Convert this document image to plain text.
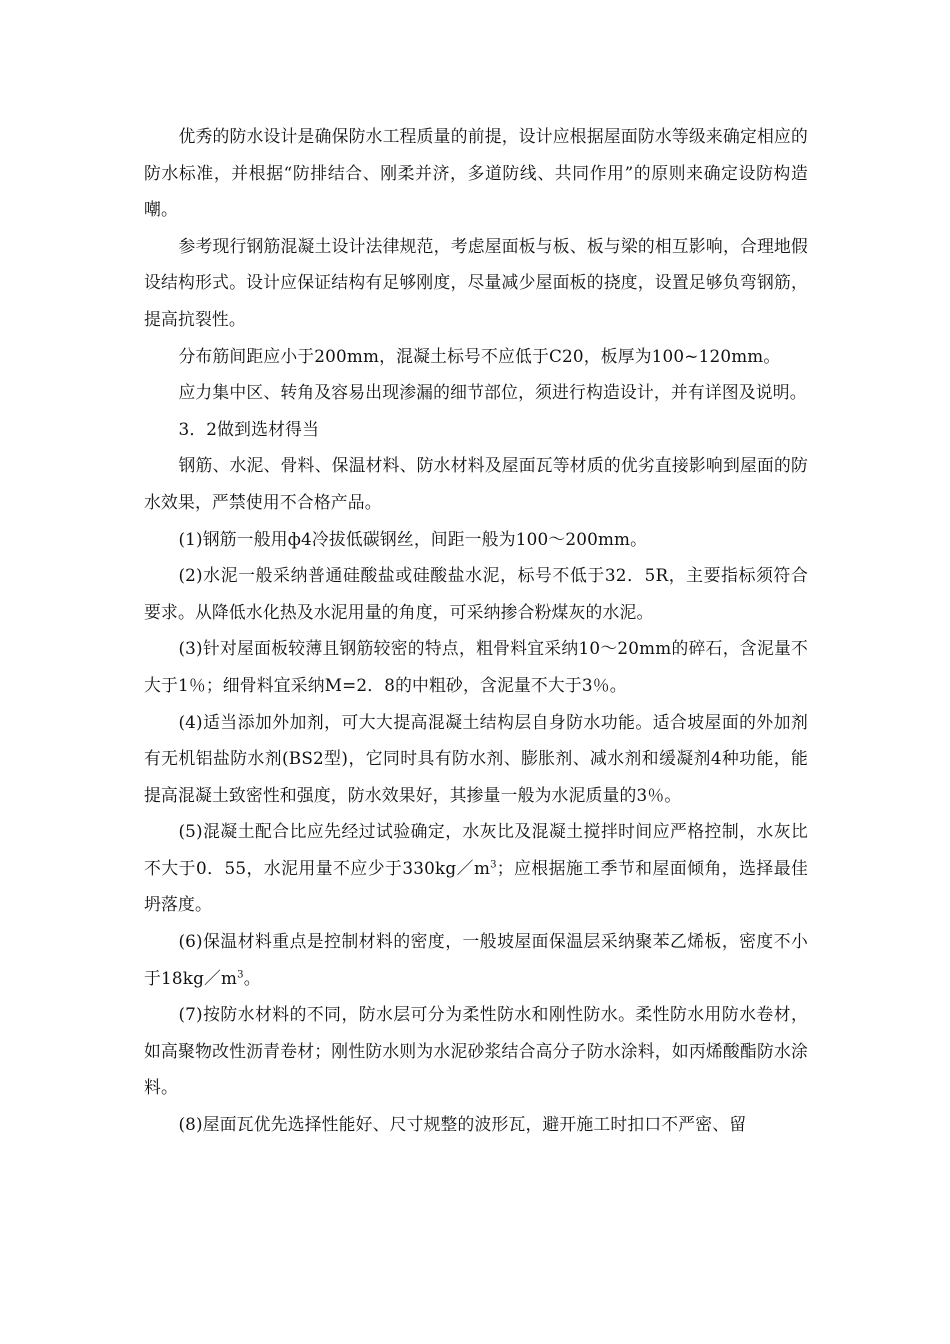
优秀的防水设计是确保防水工程质量的前提，设计应根据屋面防水等级来确定相应的防水标准，并根据“防排结合、刚柔并济，多道防线、共同作用”的原则来确定设防构造嘲。

参考现行钢筋混凝土设计法律规范，考虑屋面板与板、板与梁的相互影响，合理地假设结构形式。设计应保证结构有足够刚度，尽量减少屋面板的挠度，设置足够负弯钢筋，提高抗裂性。

分布筋间距应小于200mm，混凝土标号不应低于C20，板厚为100~120mm。

应力集中区、转角及容易出现渗漏的细节部位，须进行构造设计，并有详图及说明。

3．2做到选材得当

钢筋、水泥、骨料、保温材料、防水材料及屋面瓦等材质的优劣直接影响到屋面的防水效果，严禁使用不合格产品。

(1)钢筋一般用ф4冷拔低碳钢丝，间距一般为100～200mm。

(2)水泥一般采纳普通硅酸盐或硅酸盐水泥，标号不低于32．5R，主要指标须符合要求。从降低水化热及水泥用量的角度，可采纳掺合粉煤灰的水泥。

(3)针对屋面板较薄且钢筋较密的特点，粗骨料宜采纳10～20mm的碎石，含泥量不大于1％；细骨料宜采纳M=2．8的中粗砂，含泥量不大于3％。

(4)适当添加外加剂，可大大提高混凝土结构层自身防水功能。适合坡屋面的外加剂有无机铝盐防水剂(BS2型)，它同时具有防水剂、膨胀剂、减水剂和缓凝剂4种功能，能提高混凝土致密性和强度，防水效果好，其掺量一般为水泥质量的3％。

(5)混凝土配合比应先经过试验确定，水灰比及混凝土搅拌时间应严格控制，水灰比不大于0．55，水泥用量不应少于$330kg/m^3$；应根据施工季节和屋面倾角，选择最佳坍落度。

(6)保温材料重点是控制材料的密度，一般坡屋面保温层采纳聚苯乙烯板，密度不小于$18kg/m^3$。

(7)按防水材料的不同，防水层可分为柔性防水和刚性防水。柔性防水用防水卷材，如高聚物改性沥青卷材；刚性防水则为水泥砂浆结合高分子防水涂料，如丙烯酸酯防水涂料。

(8)屋面瓦优先选择性能好、尺寸规整的波形瓦，避开施工时扣口不严密、留
